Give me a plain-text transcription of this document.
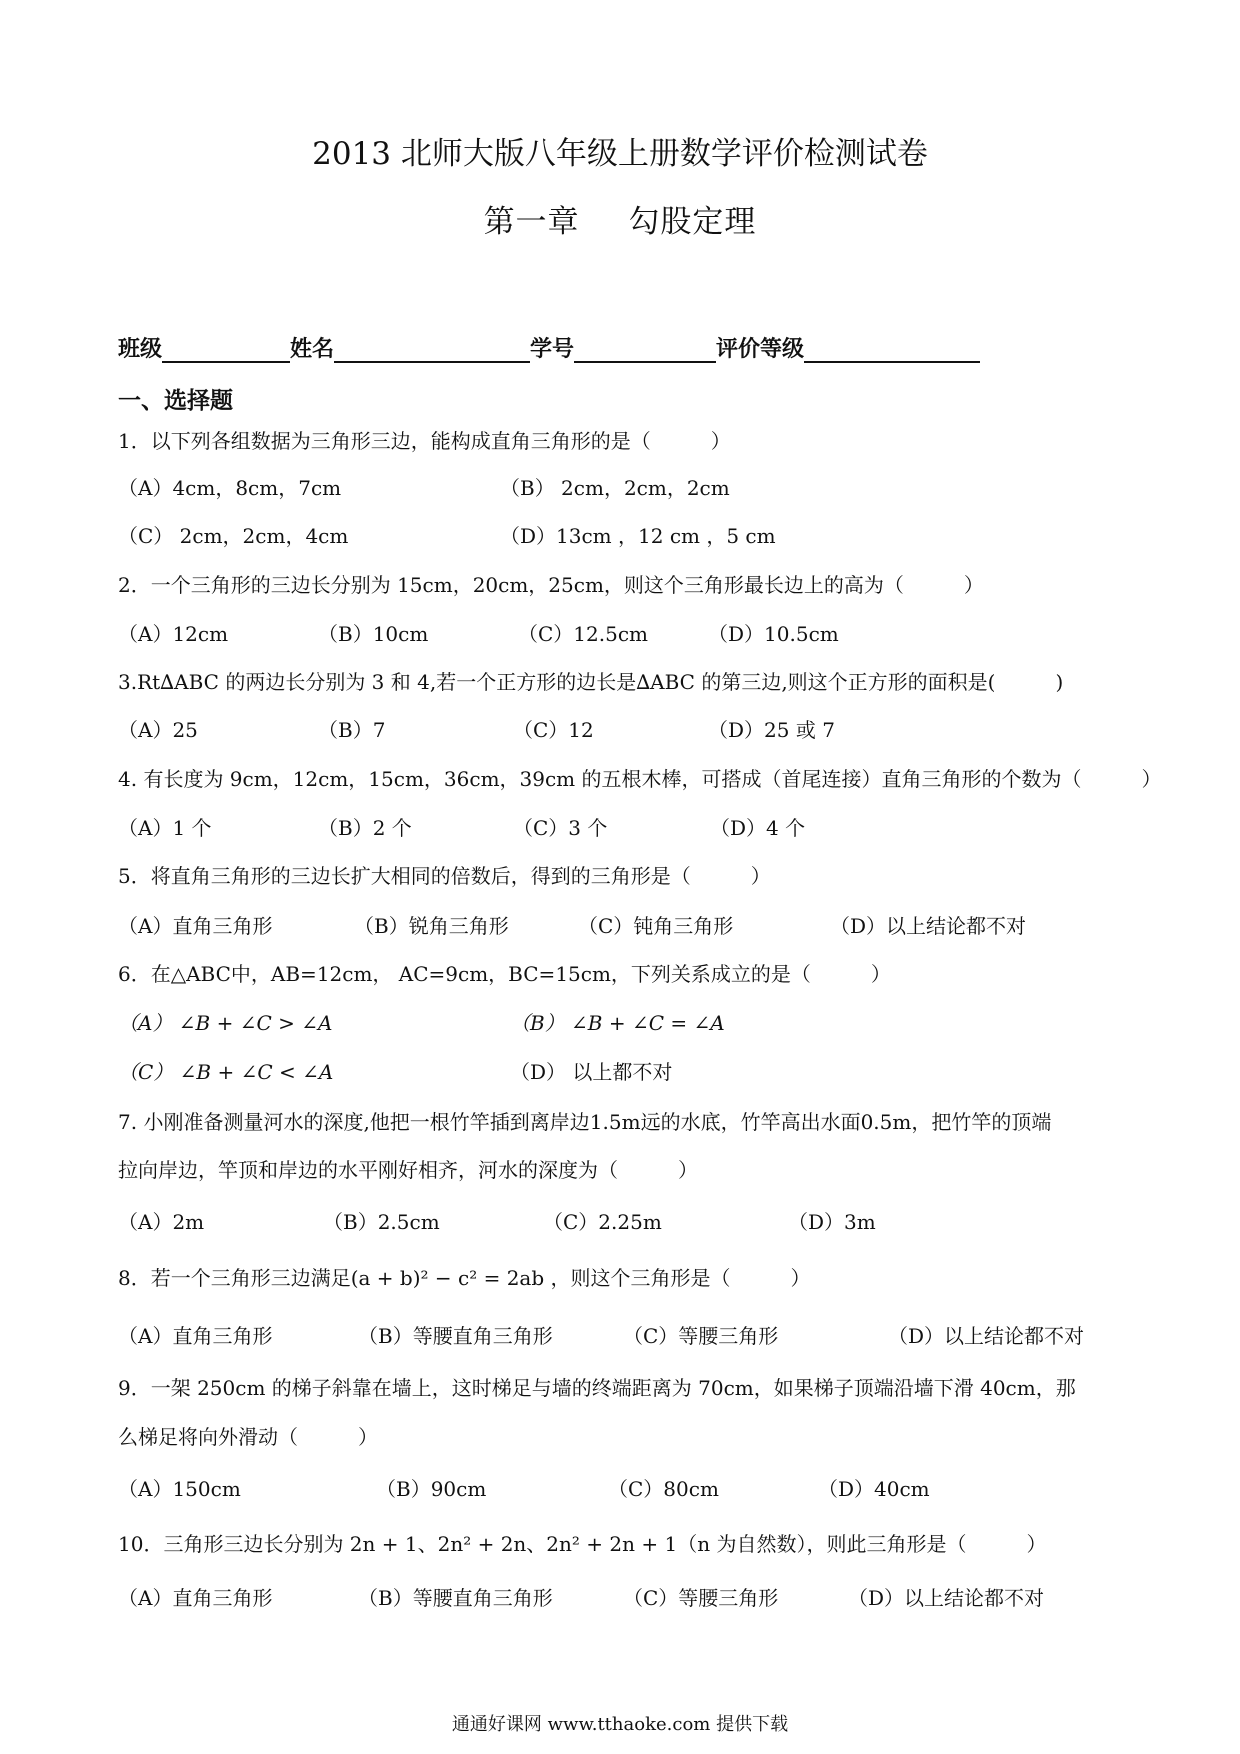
2013 北师大版八年级上册数学评价检测试卷
第一章 勾股定理
班级	姓名	学号	评价等级
一、选择题
1．以下列各组数据为三角形三边，能构成直角三角形的是（　　　）
（A）4cm，8cm，7cm	（B） 2cm，2cm，2cm
（C） 2cm，2cm，4cm	（D）13cm ，12 cm ，5 cm
2．一个三角形的三边长分别为 15cm，20cm，25cm，则这个三角形最长边上的高为（　　　）
（A）12cm	（B）10cm	（C）12.5cm	（D）10.5cm
3.Rt∆ABC 的两边长分别为 3 和 4,若一个正方形的边长是∆ABC 的第三边,则这个正方形的面积是(　　　)
（A）25	（B）7	（C）12	（D）25 或 7
4. 有长度为 9cm，12cm，15cm，36cm，39cm 的五根木棒，可搭成（首尾连接）直角三角形的个数为（　　　）
（A）1 个	（B）2 个	（C）3 个	（D）4 个
5．将直角三角形的三边长扩大相同的倍数后，得到的三角形是（　　　）
（A）直角三角形	（B）锐角三角形	（C）钝角三角形	（D）以上结论都不对
6．在△ABC中，AB=12cm， AC=9cm，BC=15cm，下列关系成立的是（　　　）
（A） ∠B + ∠C > ∠A	（B） ∠B + ∠C = ∠A
（C） ∠B + ∠C < ∠A	（D） 以上都不对
7. 小刚准备测量河水的深度,他把一根竹竿插到离岸边1.5m远的水底，竹竿高出水面0.5m，把竹竿的顶端
拉向岸边，竿顶和岸边的水平刚好相齐，河水的深度为（　　　）
（A）2m	（B）2.5cm	（C）2.25m	（D）3m
8．若一个三角形三边满足(a + b)² − c² = 2ab ，则这个三角形是（　　　）
（A）直角三角形	（B）等腰直角三角形	（C）等腰三角形	（D）以上结论都不对
9．一架 250cm 的梯子斜靠在墙上，这时梯足与墙的终端距离为 70cm，如果梯子顶端沿墙下滑 40cm，那
么梯足将向外滑动（　　　）
（A）150cm	（B）90cm	（C）80cm	（D）40cm
10．三角形三边长分别为 2n + 1、2n² + 2n、2n² + 2n + 1（n 为自然数），则此三角形是（　　　）
（A）直角三角形	（B）等腰直角三角形	（C）等腰三角形	（D）以上结论都不对
通通好课网 www.tthaoke.com 提供下载
